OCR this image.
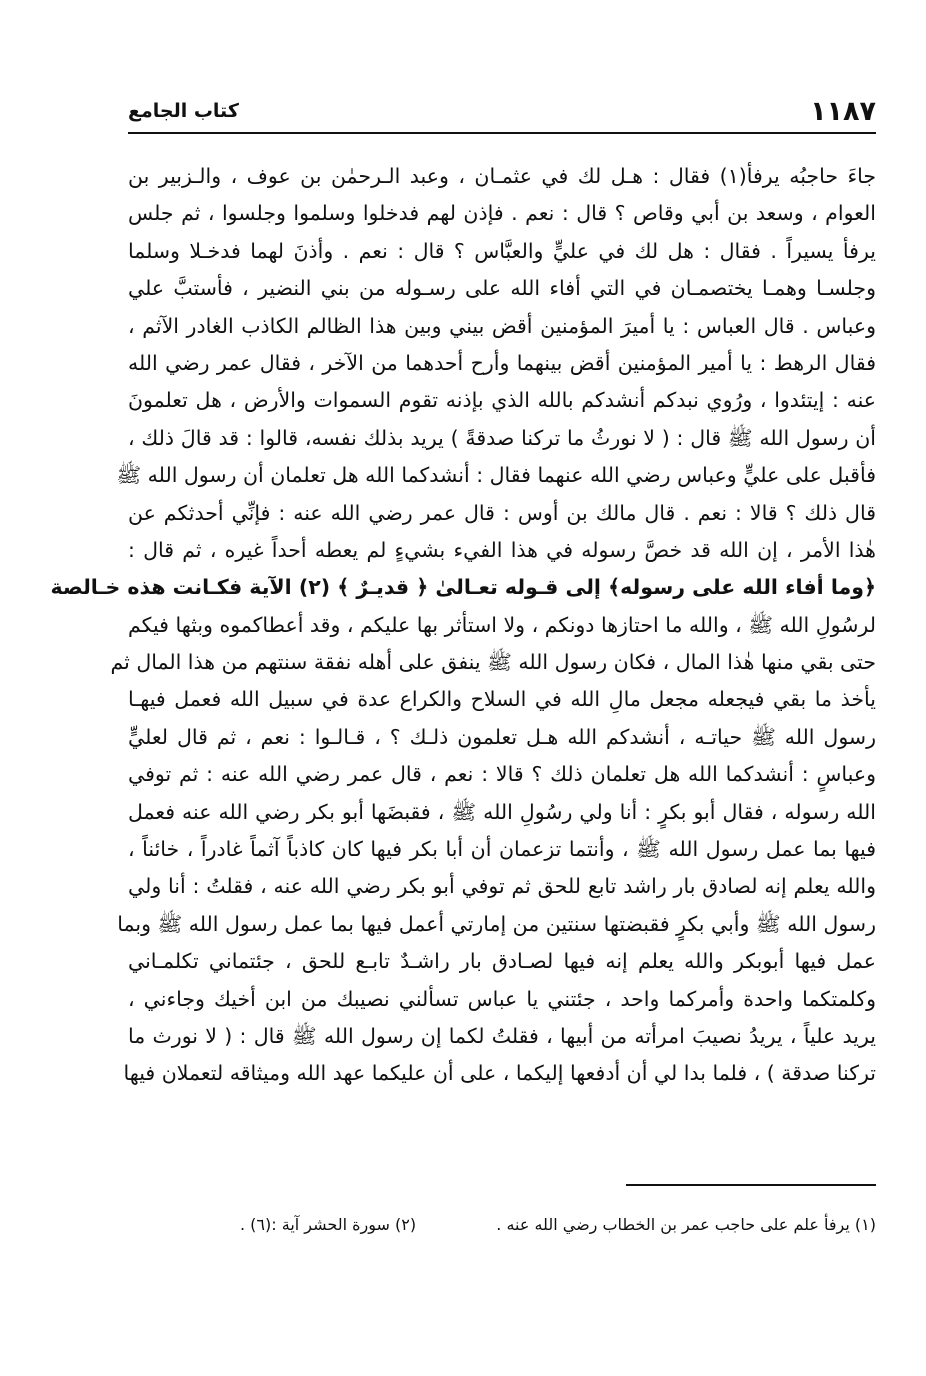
١١٨٧
كتاب الجامع
جاءَ حاجبُه يرفأ(١) فقال : هـل لك في عثمـان ، وعبد الـرحمٰن بن عوف ، والـزبير بن
العوام ، وسعد بن أبي وقاص ؟ قال : نعم . فإذن لهم فدخلوا وسلموا وجلسوا ، ثم جلس
يرفأ يسيراً . فقال : هل لك في عليٍّ والعبَّاس ؟ قال : نعم . وأذنَ لهما فدخـلا وسلما
وجلسـا وهمـا يختصمـان في التي أفاء الله على رسـوله من بني النضير ، فأستبَّ علي
وعباس . قال العباس : يا أميرَ المؤمنين أقض بيني وبين هذا الظالم الكاذب الغادر الآثم ،
فقال الرهط : يا أمير المؤمنين أقض بينهما وأرح أحدهما من الآخر ، فقال عمر رضي الله
عنه : إيتئدوا ، ورُوي نبدكم أنشدكم بالله الذي بإذنه تقوم السموات والأرض ، هل تعلمونَ
أن رسول الله ﷺ قال : ( لا نورثُ ما تركنا صدقةً ) يريد بذلك نفسه، قالوا : قد قالَ ذلك ،
فأقبل على عليٍّ وعباس رضي الله عنهما فقال : أنشدكما الله هل تعلمان أن رسول الله ﷺ
قال ذلك ؟ قالا : نعم . قال مالك بن أوس : قال عمر رضي الله عنه : فإنِّي أحدثكم عن
هٰذا الأمر ، إن الله قد خصَّ رسوله في هذا الفيء بشيءٍ لم يعطه أحداً غيره ، ثم قال :
﴿وما أفاء الله على رسوله﴾ إلى قـوله تعـالىٰ ﴿ قديـرٌ ﴾ (٢) الآية فكـانت هذه خـالصة
لرسُولِ الله ﷺ ، والله ما احتازها دونكم ، ولا استأثر بها عليكم ، وقد أعطاكموه وبثها فيكم
حتى بقي منها هٰذا المال ، فكان رسول الله ﷺ ينفق على أهله نفقة سنتهم من هذا المال ثم
يأخذ ما بقي فيجعله مجعل مالِ الله في السلاح والكراع عدة في سبيل الله فعمل فيهـا
رسول الله ﷺ حياتـه ، أنشدكم الله هـل تعلمون ذلـك ؟ ، قـالـوا : نعم ، ثم قال لعليٍّ
وعباسٍ : أنشدكما الله هل تعلمان ذلك ؟ قالا : نعم ، قال عمر رضي الله عنه : ثم توفي
الله رسوله ، فقال أبو بكرٍ : أنا ولي رسُولِ الله ﷺ ، فقبضَها أبو بكر رضي الله عنه فعمل
فيها بما عمل رسول الله ﷺ ، وأنتما تزعمان أن أبا بكر فيها كان كاذباً آثماً غادراً ، خائناً ،
والله يعلم إنه لصادق بار راشد تابع للحق ثم توفي أبو بكر رضي الله عنه ، فقلتُ : أنا ولي
رسول الله ﷺ وأبي بكرٍ فقبضتها سنتين من إمارتي أعمل فيها بما عمل رسول الله ﷺ وبما
عمل فيها أبوبكر والله يعلم إنه فيها لصـادق بار راشـدٌ تابـع للحق ، جئتماني تكلمـاني
وكلمتكما واحدة وأمركما واحد ، جئتني يا عباس تسألني نصيبك من ابن أخيك وجاءني ،
يريد علياً ، يريدُ نصيبَ امرأته من أبيها ، فقلتُ لكما إن رسول الله ﷺ قال : ( لا نورث ما
تركنا صدقة ) ، فلما بدا لي أن أدفعها إليكما ، على أن عليكما عهد الله وميثاقه لتعملان فيها
(١) يرفأ علم على حاجب عمر بن الخطاب رضي الله عنه .
(٢) سورة الحشر آية :(٦) .
